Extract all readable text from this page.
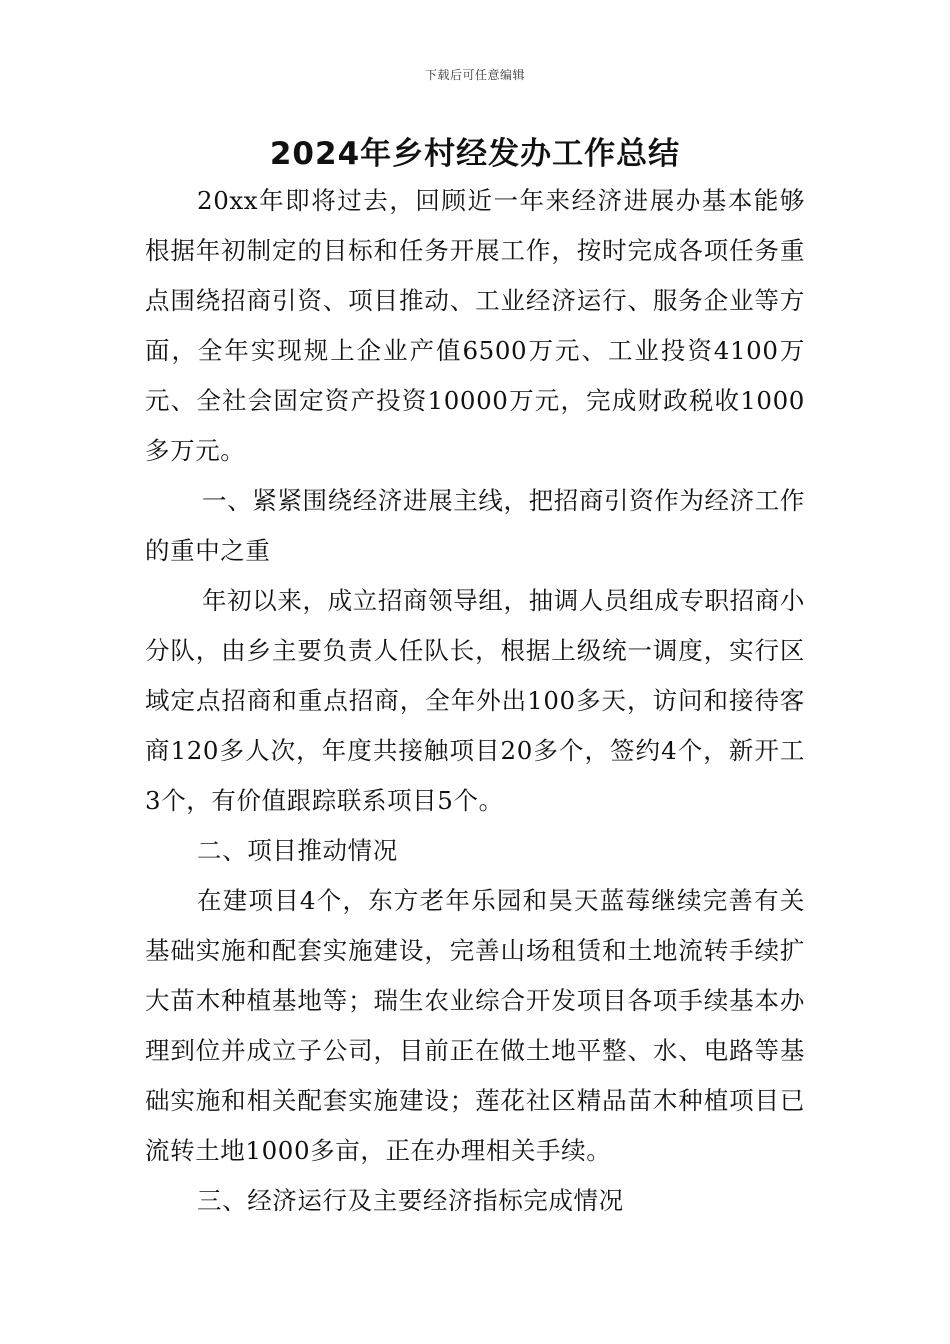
下载后可任意编辑
2024年乡村经发办工作总结

20xx年即将过去，回顾近一年来经济进展办基本能够根据年初制定的目标和任务开展工作，按时完成各项任务重点围绕招商引资、项目推动、工业经济运行、服务企业等方面，全年实现规上企业产值6500万元、工业投资4100万元、全社会固定资产投资10000万元，完成财政税收1000多万元。

一、紧紧围绕经济进展主线，把招商引资作为经济工作的重中之重

年初以来，成立招商领导组，抽调人员组成专职招商小分队，由乡主要负责人任队长，根据上级统一调度，实行区域定点招商和重点招商，全年外出100多天，访问和接待客商120多人次，年度共接触项目20多个，签约4个，新开工3个，有价值跟踪联系项目5个。

二、项目推动情况

在建项目4个，东方老年乐园和昊天蓝莓继续完善有关基础实施和配套实施建设，完善山场租赁和土地流转手续扩大苗木种植基地等；瑞生农业综合开发项目各项手续基本办理到位并成立子公司，目前正在做土地平整、水、电路等基础实施和相关配套实施建设；莲花社区精品苗木种植项目已流转土地1000多亩，正在办理相关手续。

三、经济运行及主要经济指标完成情况
